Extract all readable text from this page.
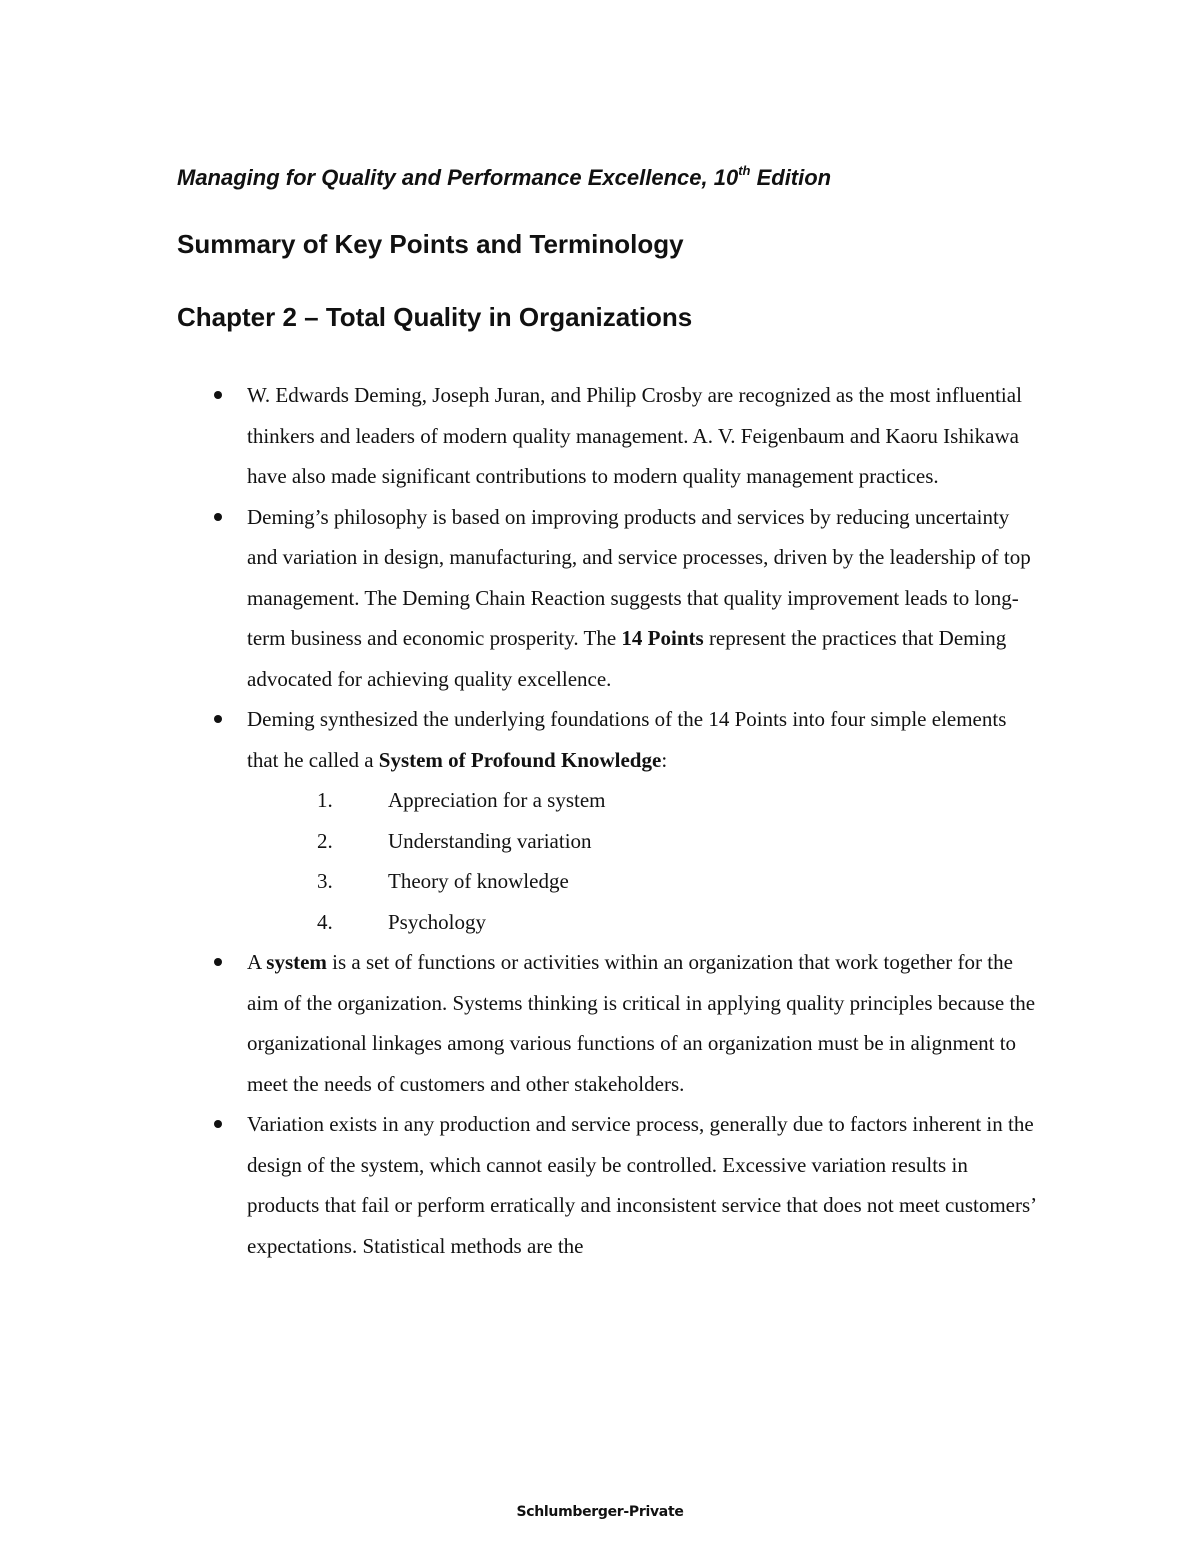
Managing for Quality and Performance Excellence, 10th Edition

Summary of Key Points and Terminology
Chapter 2 – Total Quality in Organizations
W. Edwards Deming, Joseph Juran, and Philip Crosby are recognized as the most influential thinkers and leaders of modern quality management. A. V. Feigenbaum and Kaoru Ishikawa have also made significant contributions to modern quality management practices.
Deming’s philosophy is based on improving products and services by reducing uncertainty and variation in design, manufacturing, and service processes, driven by the leadership of top management. The Deming Chain Reaction suggests that quality improvement leads to long-term business and economic prosperity. The 14 Points represent the practices that Deming advocated for achieving quality excellence.
Deming synthesized the underlying foundations of the 14 Points into four simple elements that he called a System of Profound Knowledge:
1.	Appreciation for a system
2.	Understanding variation
3.	Theory of knowledge
4.	Psychology
A system is a set of functions or activities within an organization that work together for the aim of the organization. Systems thinking is critical in applying quality principles because the organizational linkages among various functions of an organization must be in alignment to meet the needs of customers and other stakeholders.
Variation exists in any production and service process, generally due to factors inherent in the design of the system, which cannot easily be controlled. Excessive variation results in products that fail or perform erratically and inconsistent service that does not meet customers’ expectations. Statistical methods are the

Schlumberger-Private
